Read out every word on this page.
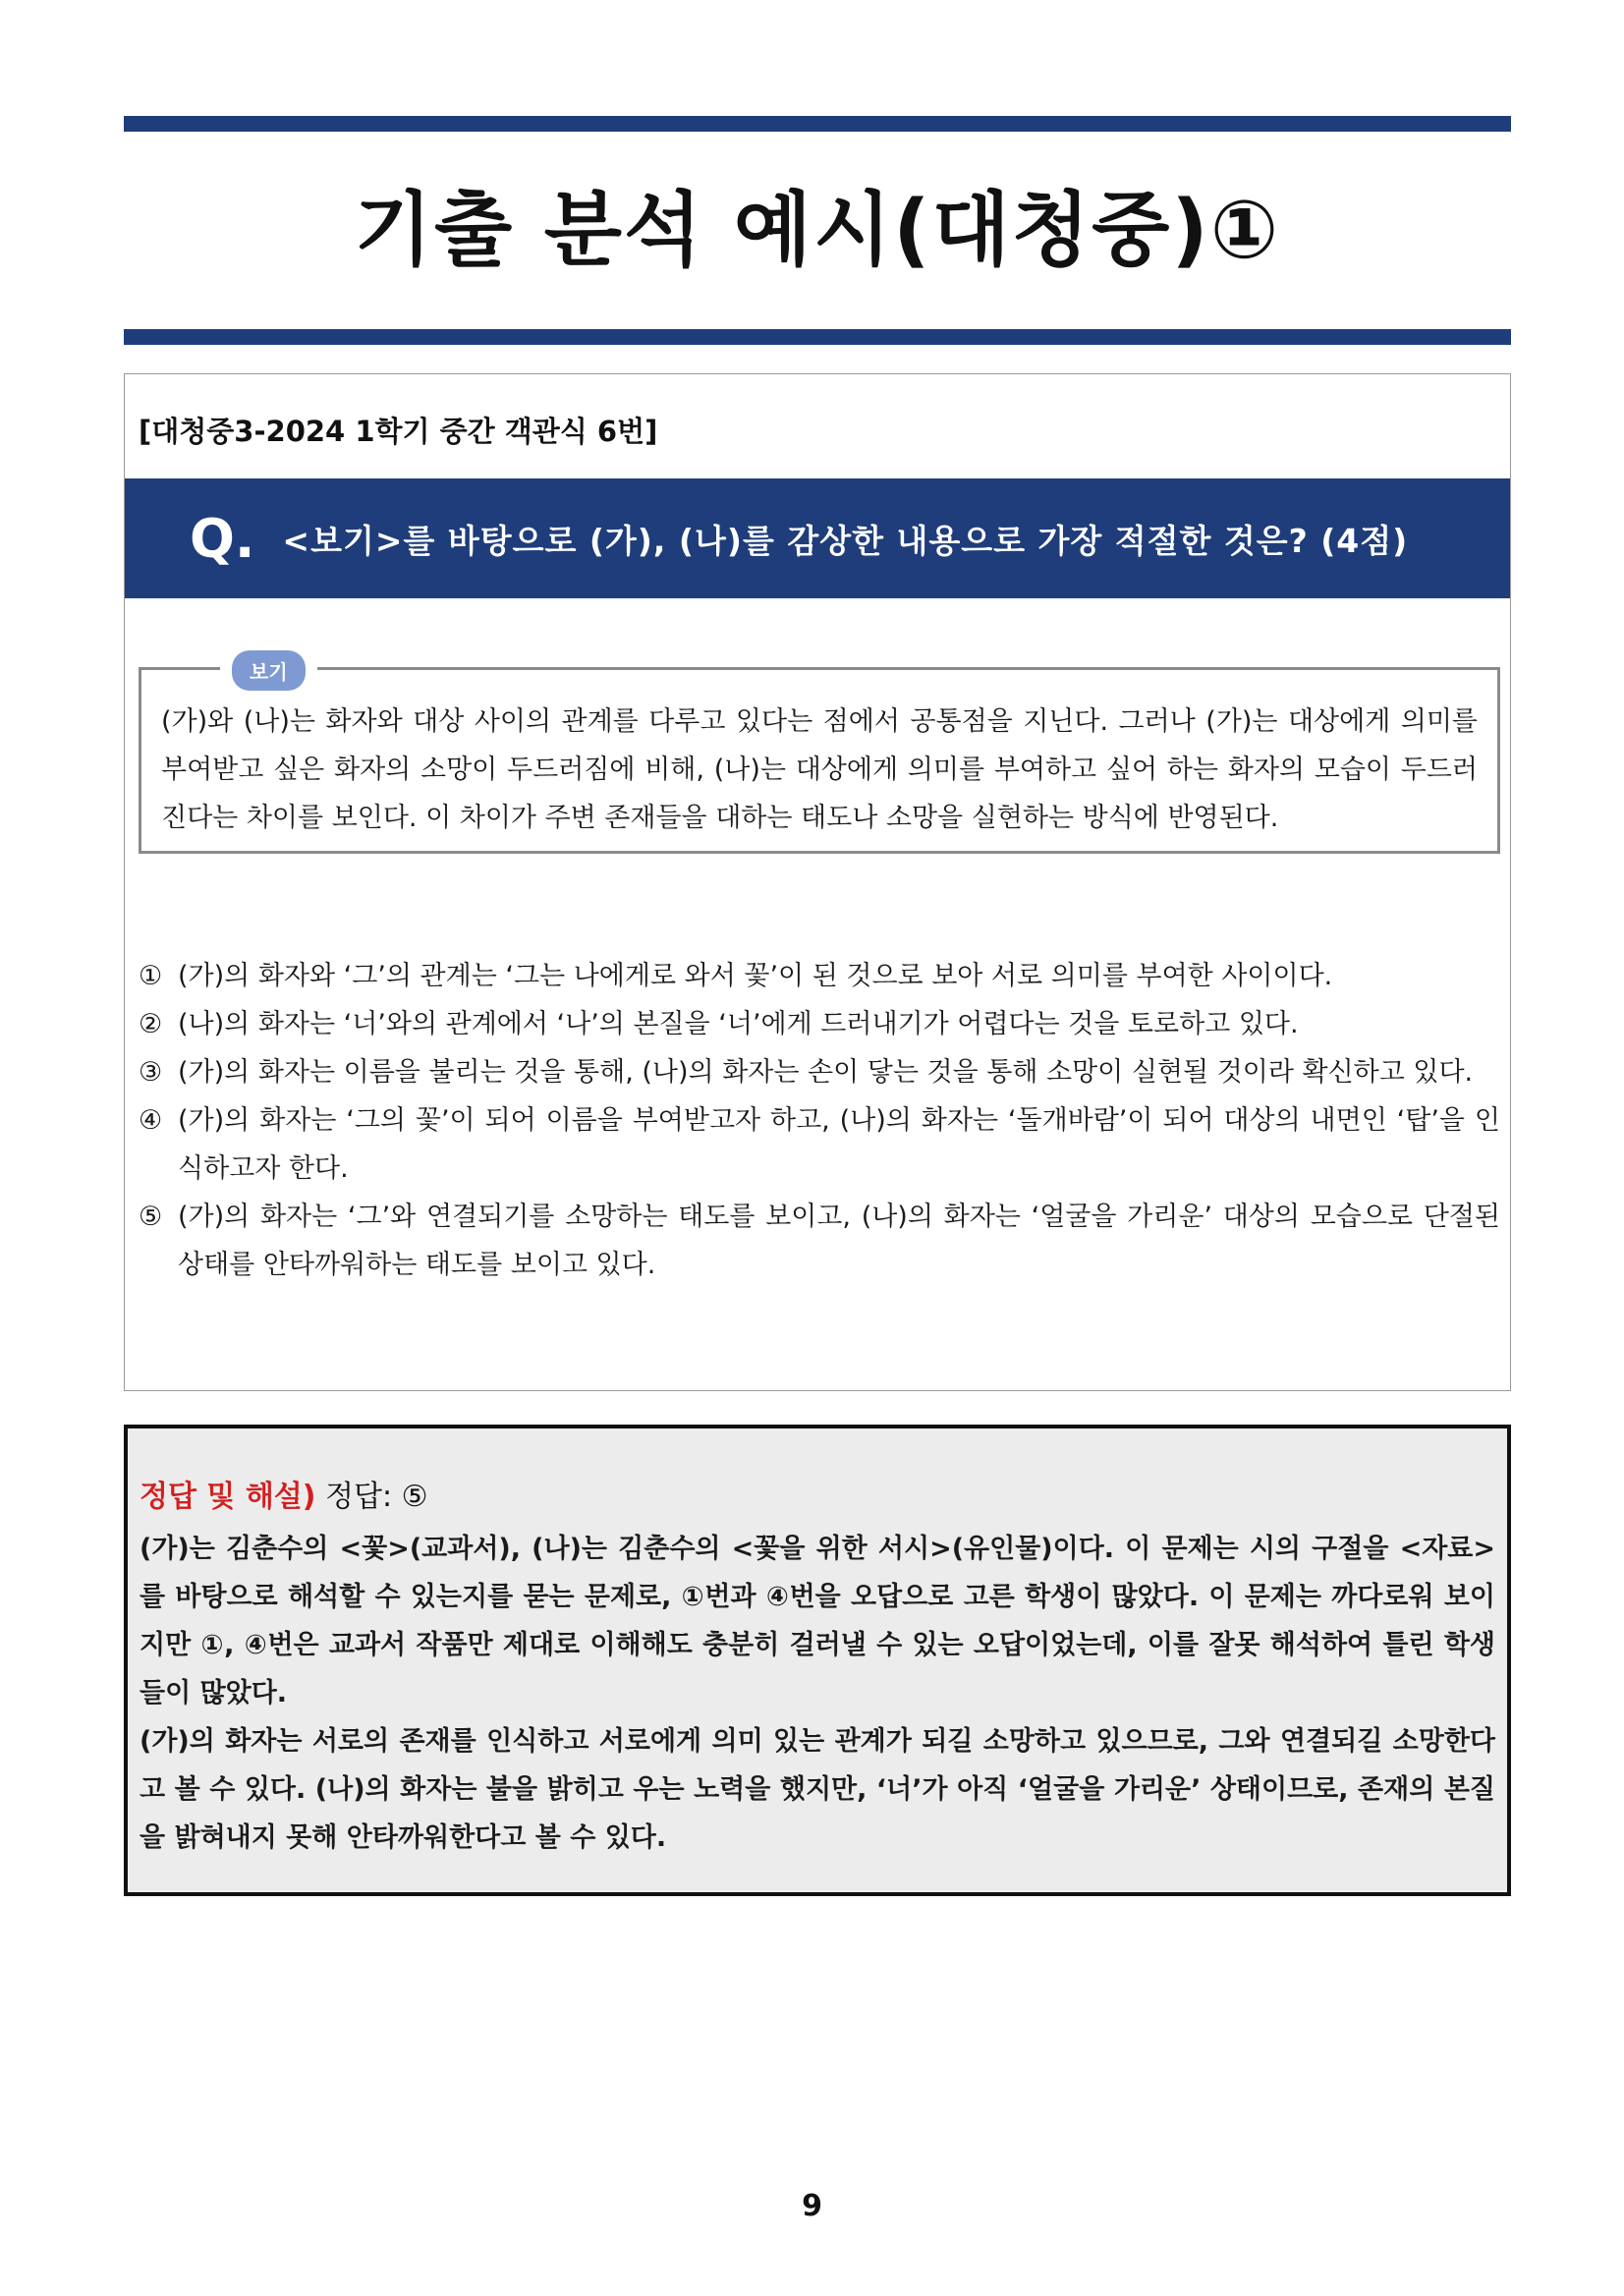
기출 분석 예시(대청중)①
[대청중3-2024 1학기 중간 객관식 6번]
Q. <보기>를 바탕으로 (가), (나)를 감상한 내용으로 가장 적절한 것은? (4점)
보기
(가)와 (나)는 화자와 대상 사이의 관계를 다루고 있다는 점에서 공통점을 지닌다. 그러나 (가)는 대상에게 의미를 부여받고 싶은 화자의 소망이 두드러짐에 비해, (나)는 대상에게 의미를 부여하고 싶어 하는 화자의 모습이 두드러진다는 차이를 보인다. 이 차이가 주변 존재들을 대하는 태도나 소망을 실현하는 방식에 반영된다.
① (가)의 화자와 ‘그’의 관계는 ‘그는 나에게로 와서 꽃’이 된 것으로 보아 서로 의미를 부여한 사이이다.
② (나)의 화자는 ‘너’와의 관계에서 ‘나’의 본질을 ‘너’에게 드러내기가 어렵다는 것을 토로하고 있다.
③ (가)의 화자는 이름을 불리는 것을 통해, (나)의 화자는 손이 닿는 것을 통해 소망이 실현될 것이라 확신하고 있다.
④ (가)의 화자는 ‘그의 꽃’이 되어 이름을 부여받고자 하고, (나)의 화자는 ‘돌개바람’이 되어 대상의 내면인 ‘탑’을 인식하고자 한다.
⑤ (가)의 화자는 ‘그’와 연결되기를 소망하는 태도를 보이고, (나)의 화자는 ‘얼굴을 가리운’ 대상의 모습으로 단절된 상태를 안타까워하는 태도를 보이고 있다.
정답 및 해설) 정답: ⑤

(가)는 김춘수의 <꽃>(교과서), (나)는 김춘수의 <꽃을 위한 서시>(유인물)이다. 이 문제는 시의 구절을 <자료>를 바탕으로 해석할 수 있는지를 묻는 문제로, ①번과 ④번을 오답으로 고른 학생이 많았다. 이 문제는 까다로워 보이지만 ①, ④번은 교과서 작품만 제대로 이해해도 충분히 걸러낼 수 있는 오답이었는데, 이를 잘못 해석하여 틀린 학생들이 많았다.

(가)의 화자는 서로의 존재를 인식하고 서로에게 의미 있는 관계가 되길 소망하고 있으므로, 그와 연결되길 소망한다고 볼 수 있다. (나)의 화자는 불을 밝히고 우는 노력을 했지만, ‘너’가 아직 ‘얼굴을 가리운’ 상태이므로, 존재의 본질을 밝혀내지 못해 안타까워한다고 볼 수 있다.

9
